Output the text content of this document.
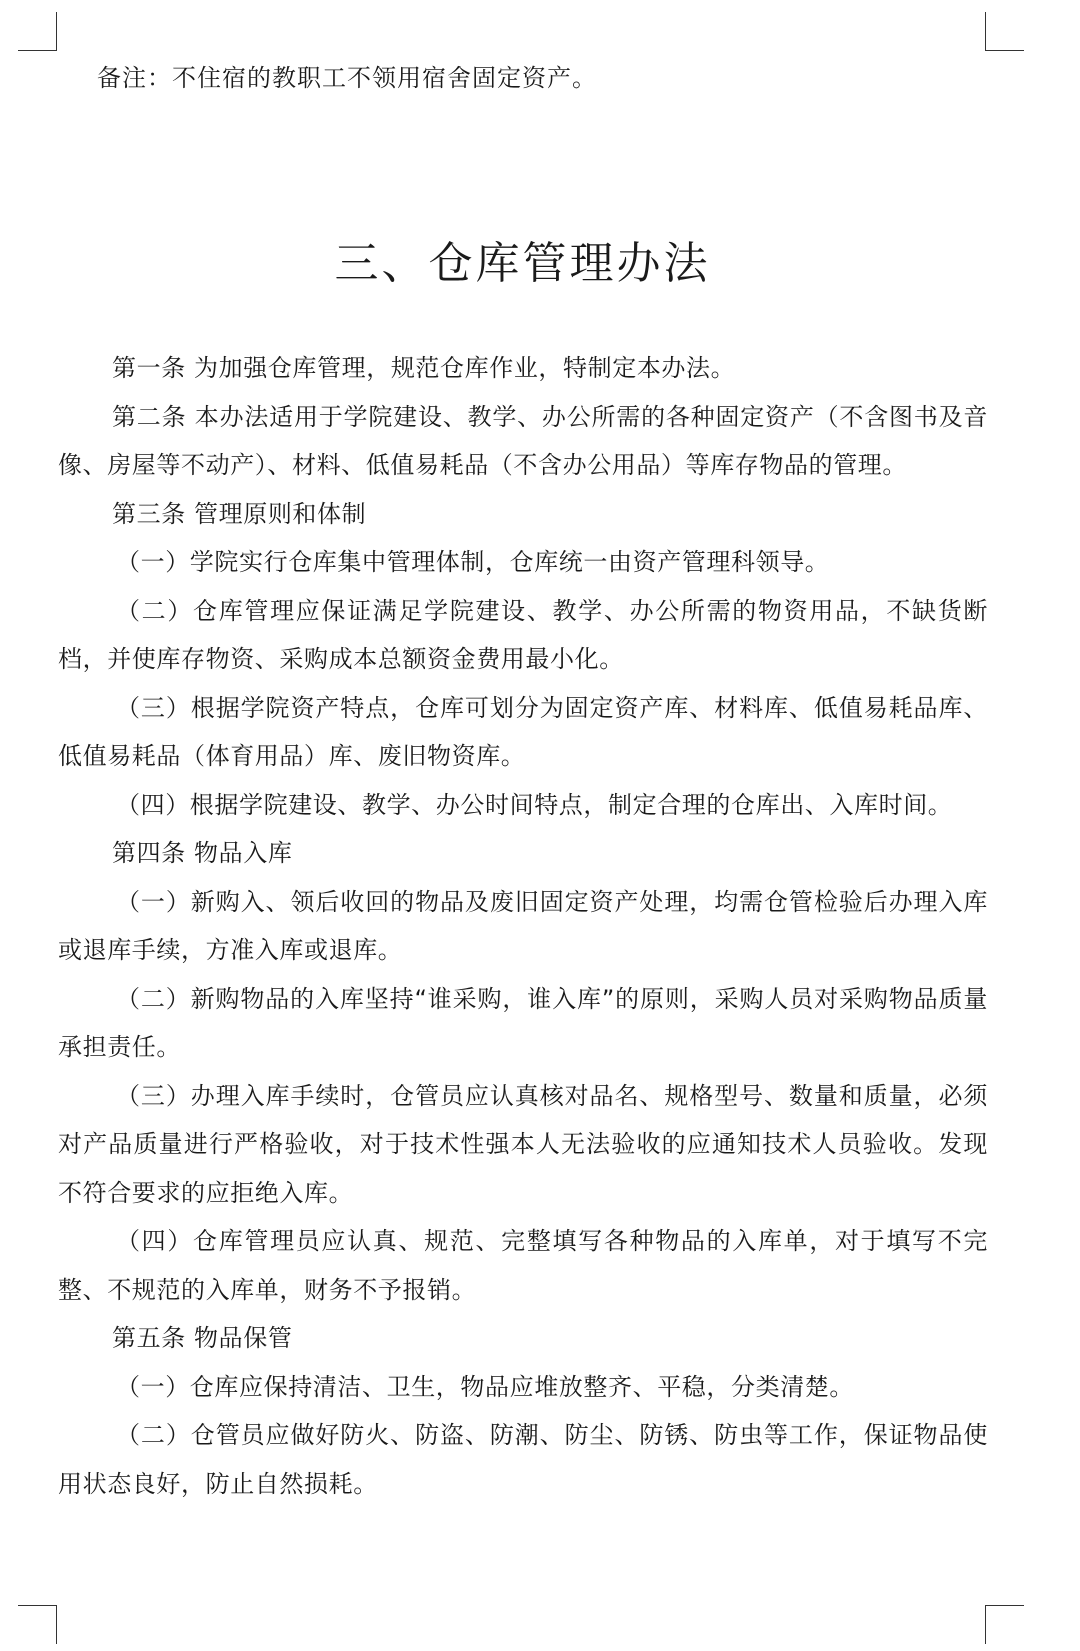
备注：不住宿的教职工不领用宿舍固定资产。
三、仓库管理办法

第一条 为加强仓库管理，规范仓库作业，特制定本办法。

第二条 本办法适用于学院建设、教学、办公所需的各种固定资产（不含图书及音像、房屋等不动产）、材料、低值易耗品（不含办公用品）等库存物品的管理。

第三条 管理原则和体制

（一）学院实行仓库集中管理体制，仓库统一由资产管理科领导。

（二）仓库管理应保证满足学院建设、教学、办公所需的物资用品，不缺货断档，并使库存物资、采购成本总额资金费用最小化。

（三）根据学院资产特点，仓库可划分为固定资产库、材料库、低值易耗品库、低值易耗品（体育用品）库、废旧物资库。

（四）根据学院建设、教学、办公时间特点，制定合理的仓库出、入库时间。

第四条 物品入库

（一）新购入、领后收回的物品及废旧固定资产处理，均需仓管检验后办理入库或退库手续，方准入库或退库。

（二）新购物品的入库坚持“谁采购，谁入库”的原则，采购人员对采购物品质量承担责任。

（三）办理入库手续时，仓管员应认真核对品名、规格型号、数量和质量，必须对产品质量进行严格验收，对于技术性强本人无法验收的应通知技术人员验收。发现不符合要求的应拒绝入库。

（四）仓库管理员应认真、规范、完整填写各种物品的入库单，对于填写不完整、不规范的入库单，财务不予报销。

第五条 物品保管

（一）仓库应保持清洁、卫生，物品应堆放整齐、平稳，分类清楚。

（二）仓管员应做好防火、防盗、防潮、防尘、防锈、防虫等工作，保证物品使用状态良好，防止自然损耗。
